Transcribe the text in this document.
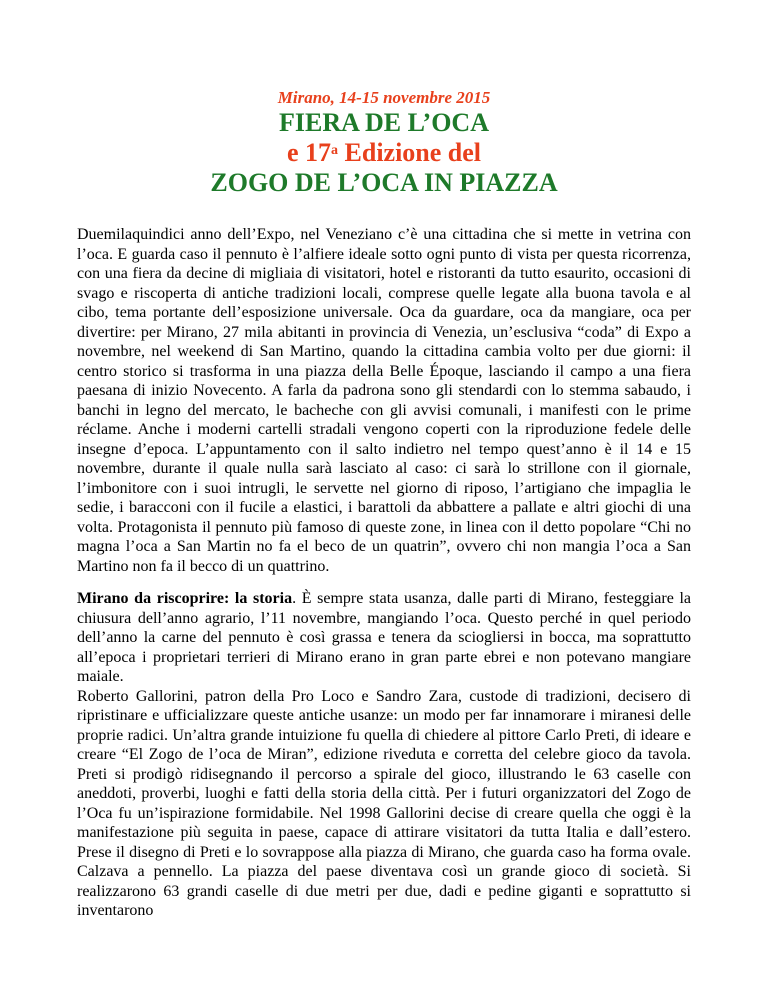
Mirano, 14-15 novembre 2015
FIERA DE L’OCA
e 17$^a$ Edizione del
ZOGO DE L’OCA IN PIAZZA

Duemilaquindici anno dell’Expo, nel Veneziano c’è una cittadina che si mette in vetrina con l’oca. E guarda caso il pennuto è l’alfiere ideale sotto ogni punto di vista per questa ricorrenza, con una fiera da decine di migliaia di visitatori, hotel e ristoranti da tutto esaurito, occasioni di svago e riscoperta di antiche tradizioni locali, comprese quelle legate alla buona tavola e al cibo, tema portante dell’esposizione universale. Oca da guardare, oca da mangiare, oca per divertire: per Mirano, 27 mila abitanti in provincia di Venezia, un’esclusiva “coda” di Expo a novembre, nel weekend di San Martino, quando la cittadina cambia volto per due giorni: il centro storico si trasforma in una piazza della Belle Époque, lasciando il campo a una fiera paesana di inizio Novecento. A farla da padrona sono gli stendardi con lo stemma sabaudo, i banchi in legno del mercato, le bacheche con gli avvisi comunali, i manifesti con le prime réclame. Anche i moderni cartelli stradali vengono coperti con la riproduzione fedele delle insegne d’epoca. L’appuntamento con il salto indietro nel tempo quest’anno è il 14 e 15 novembre, durante il quale nulla sarà lasciato al caso: ci sarà lo strillone con il giornale, l’imbonitore con i suoi intrugli, le servette nel giorno di riposo, l’artigiano che impaglia le sedie, i baracconi con il fucile a elastici, i barattoli da abbattere a pallate e altri giochi di una volta. Protagonista il pennuto più famoso di queste zone, in linea con il detto popolare “Chi no magna l’oca a San Martin no fa el beco de un quatrin”, ovvero chi non mangia l’oca a San Martino non fa il becco di un quattrino.

Mirano da riscoprire: la storia. È sempre stata usanza, dalle parti di Mirano, festeggiare la chiusura dell’anno agrario, l’11 novembre, mangiando l’oca. Questo perché in quel periodo dell’anno la carne del pennuto è così grassa e tenera da sciogliersi in bocca, ma soprattutto all’epoca i proprietari terrieri di Mirano erano in gran parte ebrei e non potevano mangiare maiale.

Roberto Gallorini, patron della Pro Loco e Sandro Zara, custode di tradizioni, decisero di ripristinare e ufficializzare queste antiche usanze: un modo per far innamorare i miranesi delle proprie radici. Un’altra grande intuizione fu quella di chiedere al pittore Carlo Preti, di ideare e creare “El Zogo de l’oca de Miran”, edizione riveduta e corretta del celebre gioco da tavola. Preti si prodigò ridisegnando il percorso a spirale del gioco, illustrando le 63 caselle con aneddoti, proverbi, luoghi e fatti della storia della città. Per i futuri organizzatori del Zogo de l’Oca fu un’ispirazione formidabile. Nel 1998 Gallorini decise di creare quella che oggi è la manifestazione più seguita in paese, capace di attirare visitatori da tutta Italia e dall’estero. Prese il disegno di Preti e lo sovrappose alla piazza di Mirano, che guarda caso ha forma ovale. Calzava a pennello. La piazza del paese diventava così un grande gioco di società. Si realizzarono 63 grandi caselle di due metri per due, dadi e pedine giganti e soprattutto si inventarono
